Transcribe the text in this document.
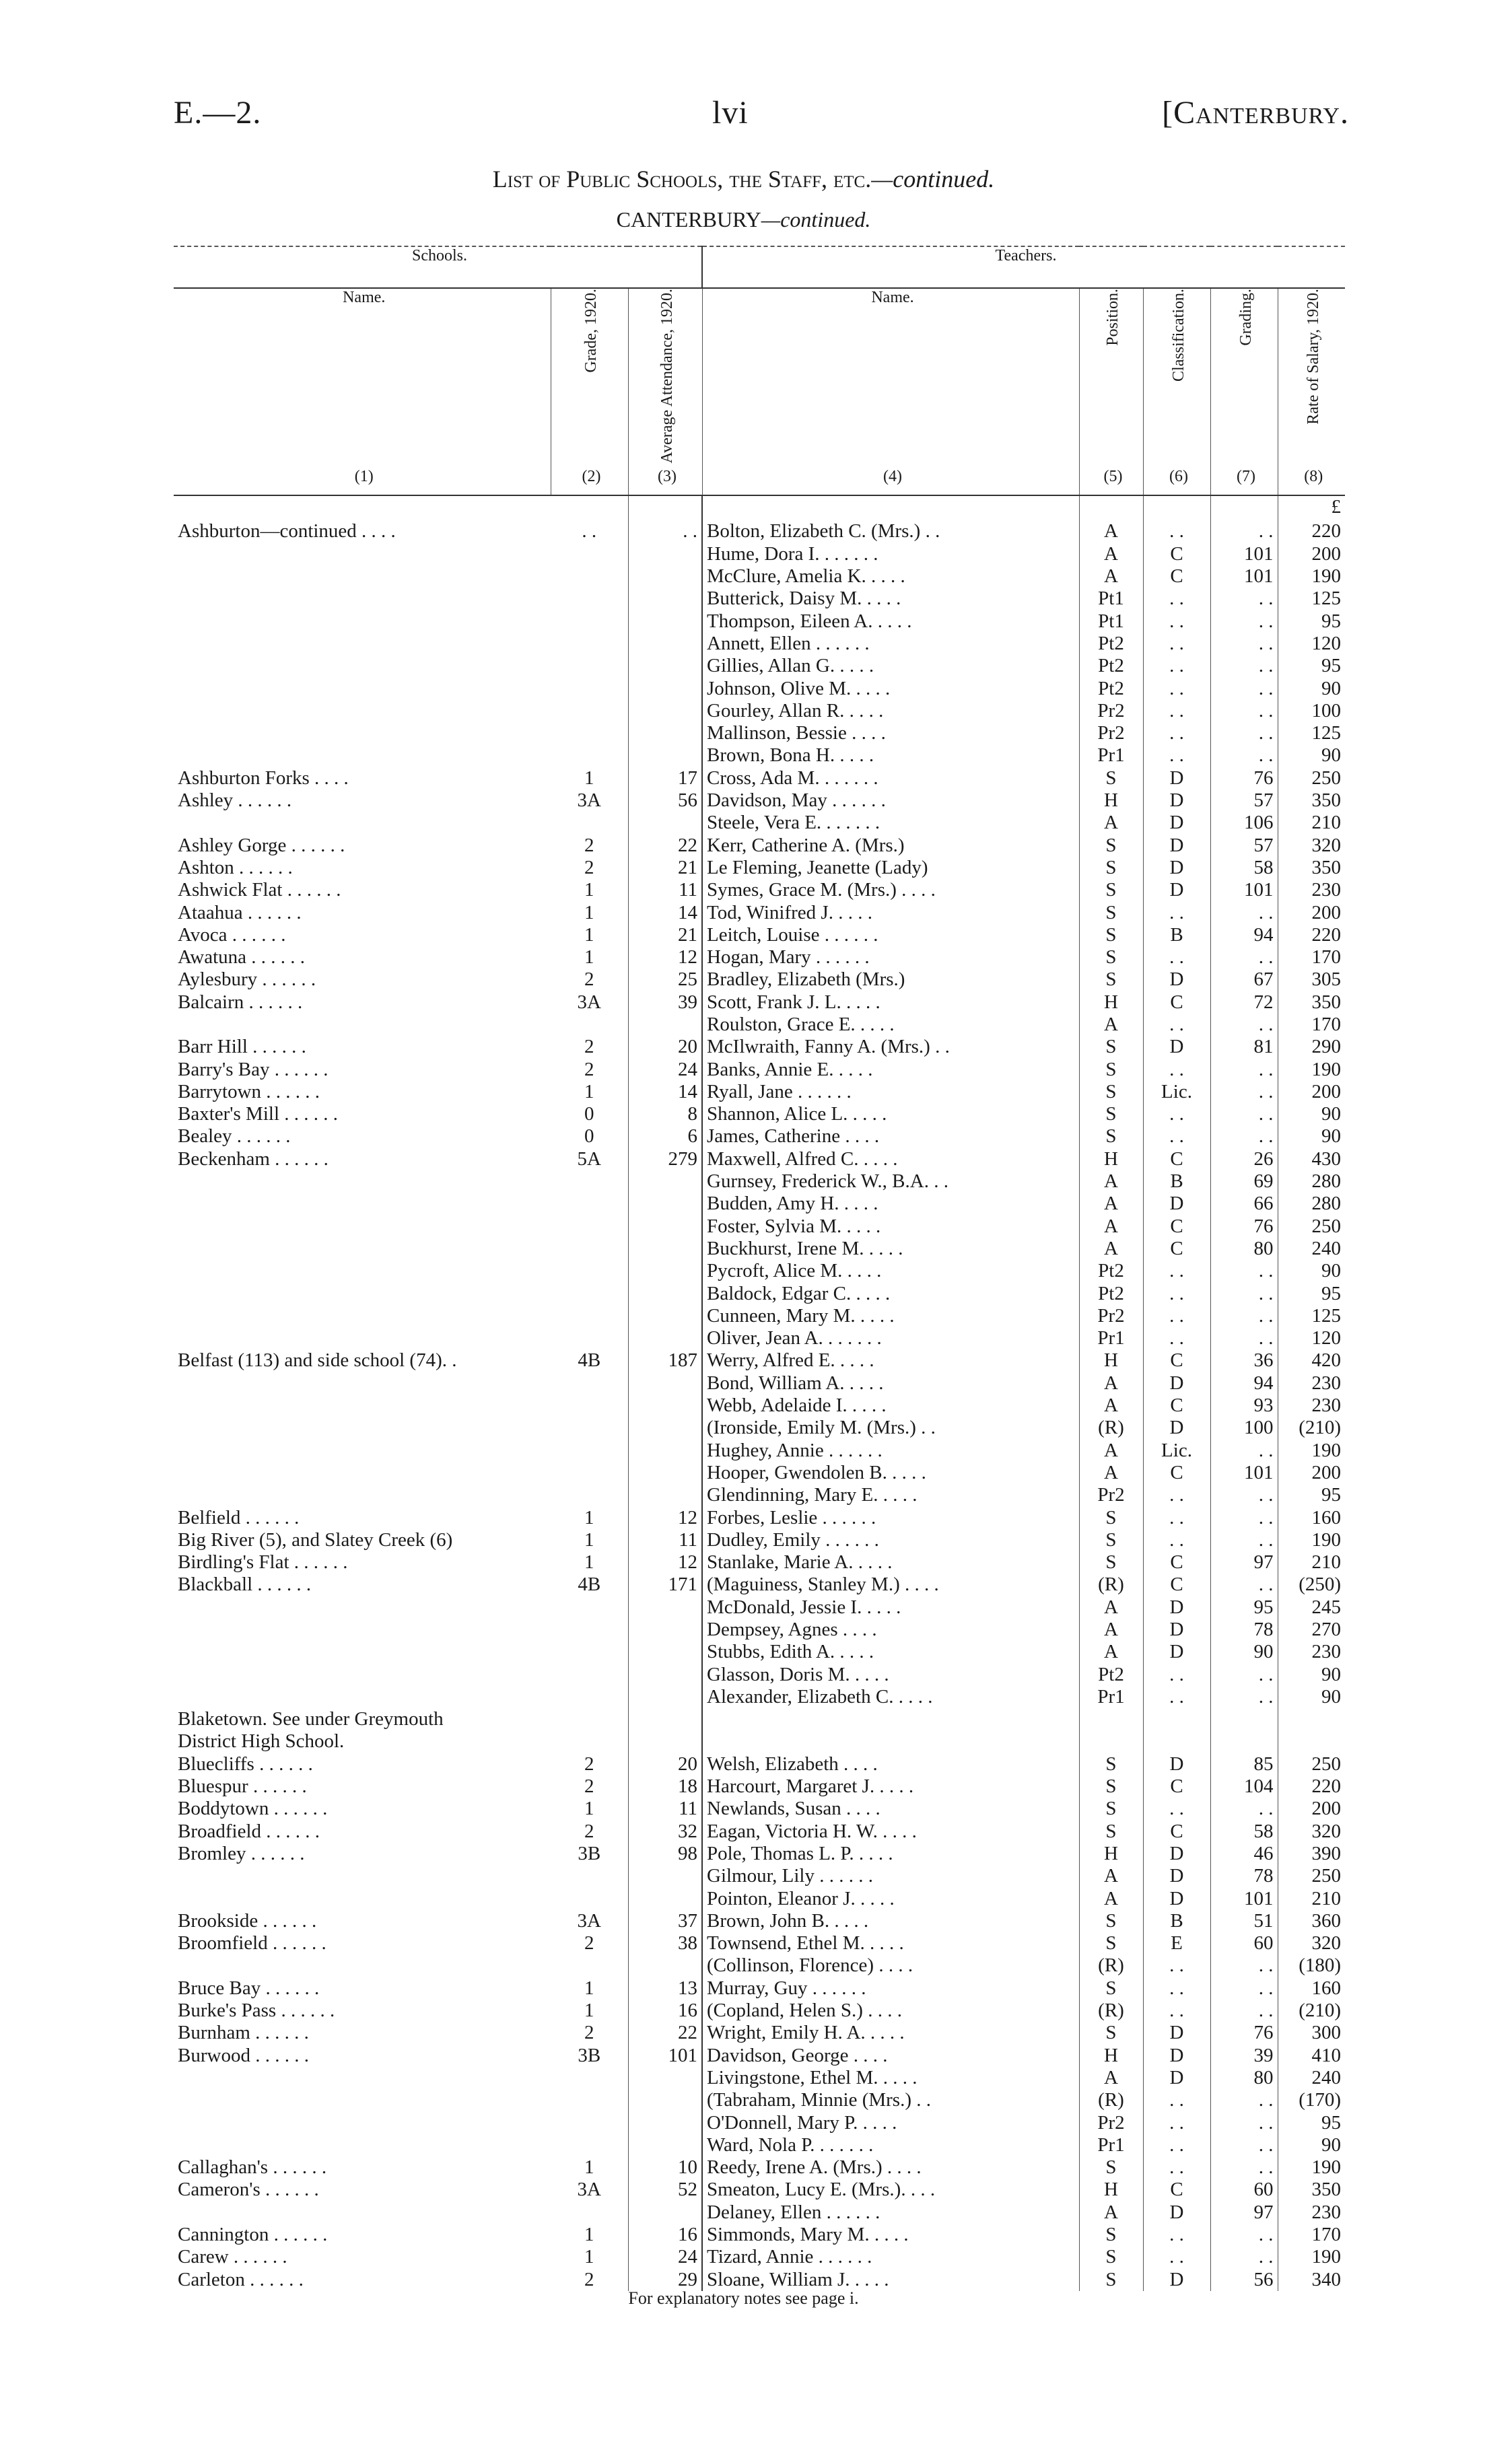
E.—2.	lvi	[Canterbury.
List of Public Schools, the Staff, etc.—continued.
CANTERBURY—continued.
Schools.			Teachers.				
Name.	Grade, 1920.	Average Attendance, 1920.	Name.	Position.	Classification.	Grading.	Rate of Salary, 1920.
(1)	(2)	(3)	(4)	(5)	(6)	(7)	(8)
							£
Ashburton—continued . . . .	. .	. .	Bolton, Elizabeth C. (Mrs.) . .	A	. .	. .	220
			Hume, Dora I. . . . . . .	A	C	101	200
			McClure, Amelia K. . . . .	A	C	101	190
			Butterick, Daisy M. . . . .	Pt1	. .	. .	125
			Thompson, Eileen A. . . . .	Pt1	. .	. .	95
			Annett, Ellen . . . . . .	Pt2	. .	. .	120
			Gillies, Allan G. . . . .	Pt2	. .	. .	95
			Johnson, Olive M. . . . .	Pt2	. .	. .	90
			Gourley, Allan R. . . . .	Pr2	. .	. .	100
			Mallinson, Bessie . . . .	Pr2	. .	. .	125
			Brown, Bona H. . . . .	Pr1	. .	. .	90
Ashburton Forks . . . .	1	17	Cross, Ada M. . . . . . .	S	D	76	250
Ashley . . . . . .	3A	56	Davidson, May . . . . . .	H	D	57	350
			Steele, Vera E. . . . . . .	A	D	106	210
Ashley Gorge . . . . . .	2	22	Kerr, Catherine A. (Mrs.)	S	D	57	320
Ashton . . . . . .	2	21	Le Fleming, Jeanette (Lady)	S	D	58	350
Ashwick Flat . . . . . .	1	11	Symes, Grace M. (Mrs.) . . . .	S	D	101	230
Ataahua . . . . . .	1	14	Tod, Winifred J. . . . .	S	. .	. .	200
Avoca . . . . . .	1	21	Leitch, Louise . . . . . .	S	B	94	220
Awatuna . . . . . .	1	12	Hogan, Mary . . . . . .	S	. .	. .	170
Aylesbury . . . . . .	2	25	Bradley, Elizabeth (Mrs.)	S	D	67	305
Balcairn . . . . . .	3A	39	Scott, Frank J. L. . . . .	H	C	72	350
			Roulston, Grace E. . . . .	A	. .	. .	170
Barr Hill . . . . . .	2	20	McIlwraith, Fanny A. (Mrs.) . .	S	D	81	290
Barry's Bay . . . . . .	2	24	Banks, Annie E. . . . .	S	. .	. .	190
Barrytown . . . . . .	1	14	Ryall, Jane . . . . . .	S	Lic.	. .	200
Baxter's Mill . . . . . .	0	8	Shannon, Alice L. . . . .	S	. .	. .	90
Bealey . . . . . .	0	6	James, Catherine . . . .	S	. .	. .	90
Beckenham . . . . . .	5A	279	Maxwell, Alfred C. . . . .	H	C	26	430
			Gurnsey, Frederick W., B.A. . .	A	B	69	280
			Budden, Amy H. . . . .	A	D	66	280
			Foster, Sylvia M. . . . .	A	C	76	250
			Buckhurst, Irene M. . . . .	A	C	80	240
			Pycroft, Alice M. . . . .	Pt2	. .	. .	90
			Baldock, Edgar C. . . . .	Pt2	. .	. .	95
			Cunneen, Mary M. . . . .	Pr2	. .	. .	125
			Oliver, Jean A. . . . . . .	Pr1	. .	. .	120
Belfast (113) and side school (74). .	4B	187	Werry, Alfred E. . . . .	H	C	36	420
			Bond, William A. . . . .	A	D	94	230
			Webb, Adelaide I. . . . .	A	C	93	230
			(Ironside, Emily M. (Mrs.) . .	(R)	D	100	(210)
			Hughey, Annie . . . . . .	A	Lic.	. .	190
			Hooper, Gwendolen B. . . . .	A	C	101	200
			Glendinning, Mary E. . . . .	Pr2	. .	. .	95
Belfield . . . . . .	1	12	Forbes, Leslie . . . . . .	S	. .	. .	160
Big River (5), and Slatey Creek (6)	1	11	Dudley, Emily . . . . . .	S	. .	. .	190
Birdling's Flat . . . . . .	1	12	Stanlake, Marie A. . . . .	S	C	97	210
Blackball . . . . . .	4B	171	(Maguiness, Stanley M.) . . . .	(R)	C	. .	(250)
			McDonald, Jessie I. . . . .	A	D	95	245
			Dempsey, Agnes . . . .	A	D	78	270
			Stubbs, Edith A. . . . .	A	D	90	230
			Glasson, Doris M. . . . .	Pt2	. .	. .	90
			Alexander, Elizabeth C. . . . .	Pr1	. .	. .	90
Blaketown. See under Greymouth							
District High School.							
Bluecliffs . . . . . .	2	20	Welsh, Elizabeth . . . .	S	D	85	250
Bluespur . . . . . .	2	18	Harcourt, Margaret J. . . . .	S	C	104	220
Boddytown . . . . . .	1	11	Newlands, Susan . . . .	S	. .	. .	200
Broadfield . . . . . .	2	32	Eagan, Victoria H. W. . . . .	S	C	58	320
Bromley . . . . . .	3B	98	Pole, Thomas L. P. . . . .	H	D	46	390
			Gilmour, Lily . . . . . .	A	D	78	250
			Pointon, Eleanor J. . . . .	A	D	101	210
Brookside . . . . . .	3A	37	Brown, John B. . . . .	S	B	51	360
Broomfield . . . . . .	2	38	Townsend, Ethel M. . . . .	S	E	60	320
			(Collinson, Florence) . . . .	(R)	. .	. .	(180)
Bruce Bay . . . . . .	1	13	Murray, Guy . . . . . .	S	. .	. .	160
Burke's Pass . . . . . .	1	16	(Copland, Helen S.) . . . .	(R)	. .	. .	(210)
Burnham . . . . . .	2	22	Wright, Emily H. A. . . . .	S	D	76	300
Burwood . . . . . .	3B	101	Davidson, George . . . .	H	D	39	410
			Livingstone, Ethel M. . . . .	A	D	80	240
			(Tabraham, Minnie (Mrs.) . .	(R)	. .	. .	(170)
			O'Donnell, Mary P. . . . .	Pr2	. .	. .	95
			Ward, Nola P. . . . . . .	Pr1	. .	. .	90
Callaghan's . . . . . .	1	10	Reedy, Irene A. (Mrs.) . . . .	S	. .	. .	190
Cameron's . . . . . .	3A	52	Smeaton, Lucy E. (Mrs.). . . .	H	C	60	350
			Delaney, Ellen . . . . . .	A	D	97	230
Cannington . . . . . .	1	16	Simmonds, Mary M. . . . .	S	. .	. .	170
Carew . . . . . .	1	24	Tizard, Annie . . . . . .	S	. .	. .	190
Carleton . . . . . .	2	29	Sloane, William J. . . . .	S	D	56	340
For explanatory notes see page i.
